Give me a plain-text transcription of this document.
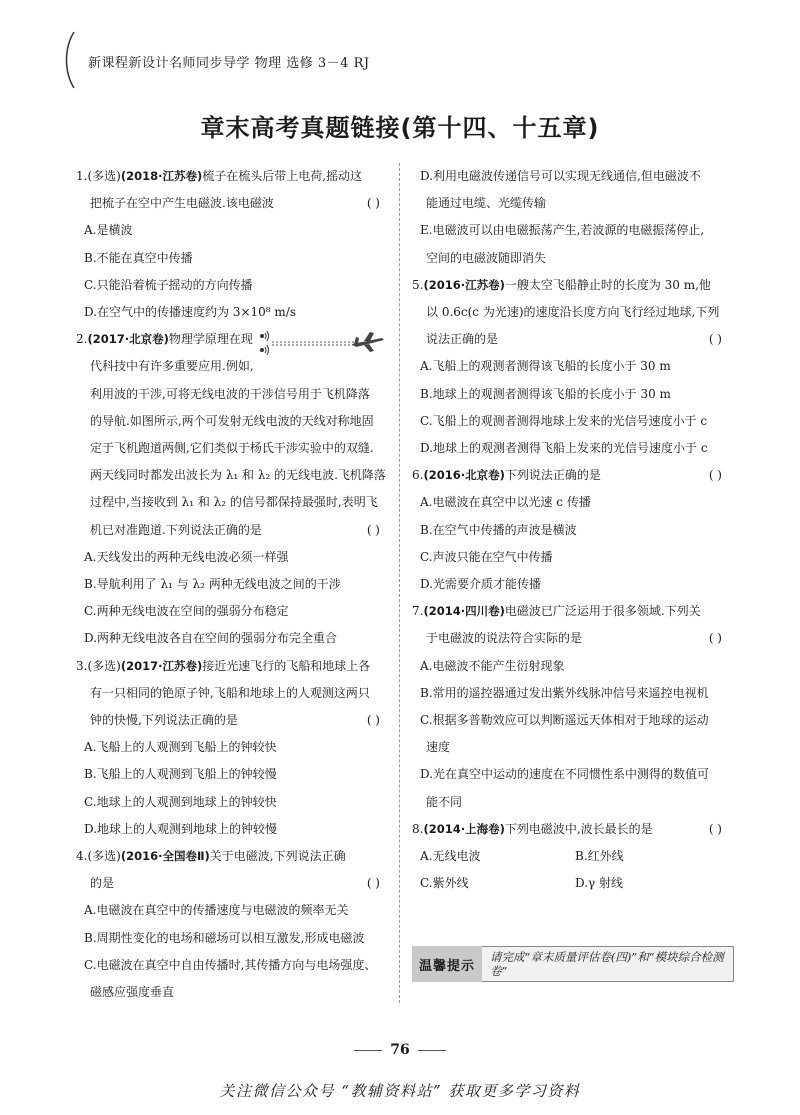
新课程新设计名师同步导学 物理 选修 3－4 RJ
章末高考真题链接(第十四、十五章)
1.(多选)(2018·江苏卷)梳子在梳头后带上电荷,摇动这
把梳子在空中产生电磁波.该电磁波	( )
A.是横波
B.不能在真空中传播
C.只能沿着梳子摇动的方向传播
D.在空气中的传播速度约为 3×10⁸ m/s
2.(2017·北京卷)物理学原理在现
代科技中有许多重要应用.例如,
利用波的干涉,可将无线电波的干涉信号用于飞机降落
的导航.如图所示,两个可发射无线电波的天线对称地固
定于飞机跑道两侧,它们类似于杨氏干涉实验中的双缝.
两天线同时都发出波长为 λ₁ 和 λ₂ 的无线电波.飞机降落
过程中,当接收到 λ₁ 和 λ₂ 的信号都保持最强时,表明飞
机已对准跑道.下列说法正确的是	( )
A.天线发出的两种无线电波必须一样强
B.导航利用了 λ₁ 与 λ₂ 两种无线电波之间的干涉
C.两种无线电波在空间的强弱分布稳定
D.两种无线电波各自在空间的强弱分布完全重合
3.(多选)(2017·江苏卷)接近光速飞行的飞船和地球上各
有一只相同的铯原子钟,飞船和地球上的人观测这两只
钟的快慢,下列说法正确的是	( )
A.飞船上的人观测到飞船上的钟较快
B.飞船上的人观测到飞船上的钟较慢
C.地球上的人观测到地球上的钟较快
D.地球上的人观测到地球上的钟较慢
4.(多选)(2016·全国卷Ⅱ)关于电磁波,下列说法正确
的是	( )
A.电磁波在真空中的传播速度与电磁波的频率无关
B.周期性变化的电场和磁场可以相互激发,形成电磁波
C.电磁波在真空中自由传播时,其传播方向与电场强度、
磁感应强度垂直
D.利用电磁波传递信号可以实现无线通信,但电磁波不
能通过电缆、光缆传输
E.电磁波可以由电磁振荡产生,若波源的电磁振荡停止,
空间的电磁波随即消失
5.(2016·江苏卷)一艘太空飞船静止时的长度为 30 m,他
以 0.6c(c 为光速)的速度沿长度方向飞行经过地球,下列
说法正确的是	( )
A.飞船上的观测者测得该飞船的长度小于 30 m
B.地球上的观测者测得该飞船的长度小于 30 m
C.飞船上的观测者测得地球上发来的光信号速度小于 c
D.地球上的观测者测得飞船上发来的光信号速度小于 c
6.(2016·北京卷)下列说法正确的是	( )
A.电磁波在真空中以光速 c 传播
B.在空气中传播的声波是横波
C.声波只能在空气中传播
D.光需要介质才能传播
7.(2014·四川卷)电磁波已广泛运用于很多领域.下列关
于电磁波的说法符合实际的是	( )
A.电磁波不能产生衍射现象
B.常用的遥控器通过发出紫外线脉冲信号来遥控电视机
C.根据多普勒效应可以判断遥远天体相对于地球的运动
速度
D.光在真空中运动的速度在不同惯性系中测得的数值可
能不同
8.(2014·上海卷)下列电磁波中,波长最长的是	( )
A.无线电波	B.红外线
C.紫外线	D.γ 射线
温馨提示
请完成“章末质量评估卷(四)”和“模块综合检测卷”
76
关注微信公众号 “教辅资料站” 获取更多学习资料
